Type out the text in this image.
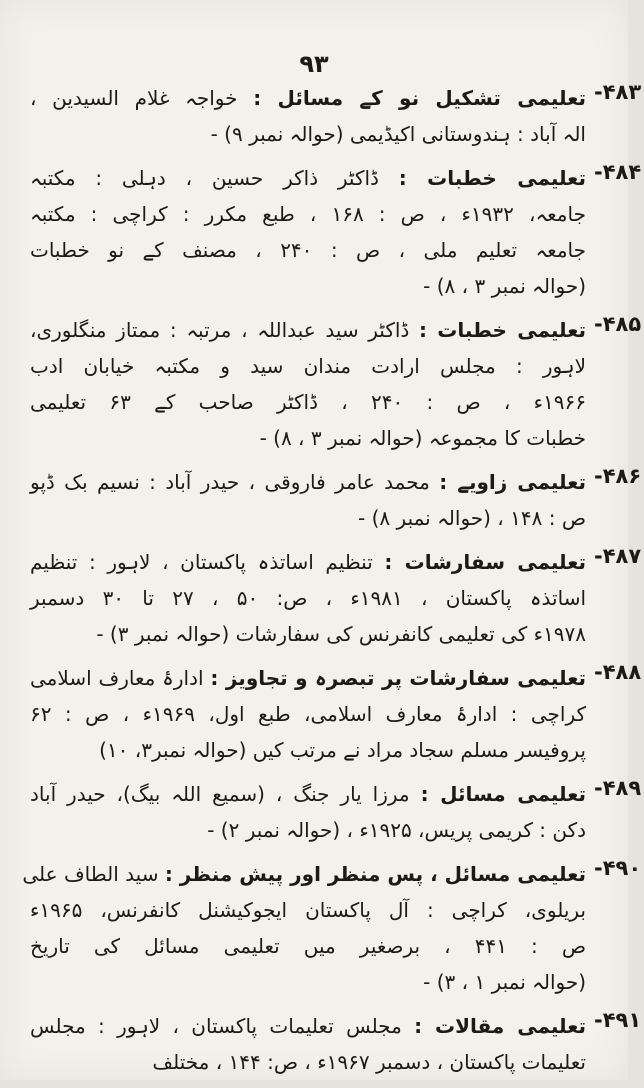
۹۳
۴۸۳-
تعلیمی تشکیل نو کے مسائل : خواجہ غلام السیدین ،
الہ آباد : ہندوستانی اکیڈیمی (حوالہ نمبر ۹) -
۴۸۴-
تعلیمی خطبات : ڈاکٹر ذاکر حسین ، دہلی : مکتبہ
جامعہ، ۱۹۳۲ء ، ص : ۱۶۸ ، طبع مکرر : کراچی : مکتبہ
جامعہ تعلیم ملی ، ص : ۲۴۰ ، مصنف کے نو خطبات
(حوالہ نمبر ۳ ، ۸) -
۴۸۵-
تعلیمی خطبات : ڈاکٹر سید عبداللہ ، مرتبہ : ممتاز منگلوری،
لاہور : مجلس ارادت مندان سید و مکتبہ خیابان ادب
۱۹۶۶ء ، ص : ۲۴۰ ، ڈاکٹر صاحب کے ۶۳ تعلیمی
خطبات کا مجموعہ (حوالہ نمبر ۳ ، ۸) -
۴۸۶-
تعلیمی زاویے : محمد عامر فاروقی ، حیدر آباد : نسیم بک ڈپو
ص : ۱۴۸ ، (حوالہ نمبر ۸) -
۴۸۷-
تعلیمی سفارشات : تنظیم اساتذہ پاکستان ، لاہور : تنظیم
اساتذہ پاکستان ، ۱۹۸۱ء ، ص: ۵۰ ، ۲۷ تا ۳۰ دسمبر
۱۹۷۸ء کی تعلیمی کانفرنس کی سفارشات (حوالہ نمبر ۳) -
۴۸۸-
تعلیمی سفارشات پر تبصرہ و تجاویز : ادارۂ معارف اسلامی
کراچی : ادارۂ معارف اسلامی، طبع اول، ۱۹۶۹ء ، ص : ۶۲
پروفیسر مسلم سجاد مراد نے مرتب کیں (حوالہ نمبر۳، ۱۰)
۴۸۹-
تعلیمی مسائل : مرزا یار جنگ ، (سمیع اللہ بیگ)، حیدر آباد
دکن : کریمی پریس، ۱۹۲۵ء ، (حوالہ نمبر ۲) -
۴۹۰-
تعلیمی مسائل ، پس منظر اور پیش منظر : سید الطاف علی
بریلوی، کراچی : آل پاکستان ایجوکیشنل کانفرنس، ۱۹۶۵ء
ص : ۴۴۱ ، برصغیر میں تعلیمی مسائل کی تاریخ
(حوالہ نمبر ۱ ، ۳) -
۴۹۱-
تعلیمی مقالات : مجلس تعلیمات پاکستان ، لاہور : مجلس
تعلیمات پاکستان ، دسمبر ۱۹۶۷ء ، ص: ۱۴۴ ، مختلف
